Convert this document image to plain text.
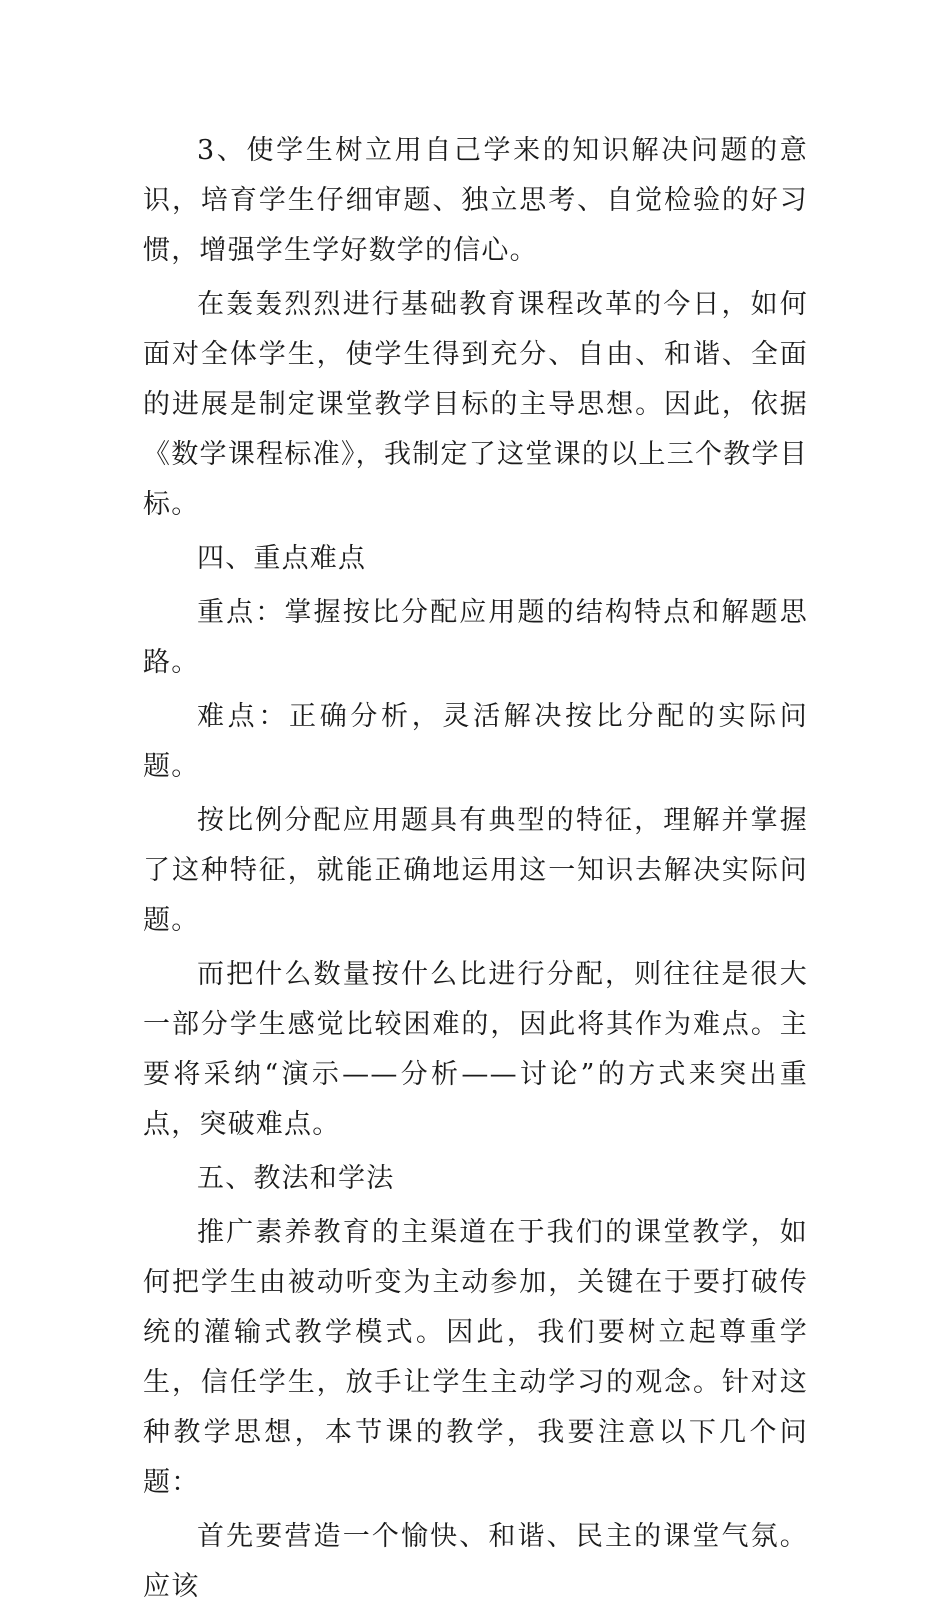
3、使学生树立用自己学来的知识解决问题的意识，培育学生仔细审题、独立思考、自觉检验的好习惯，增强学生学好数学的信心。

在轰轰烈烈进行基础教育课程改革的今日，如何面对全体学生，使学生得到充分、自由、和谐、全面的进展是制定课堂教学目标的主导思想。因此，依据《数学课程标准》，我制定了这堂课的以上三个教学目标。

四、重点难点

重点：掌握按比分配应用题的结构特点和解题思路。

难点：正确分析，灵活解决按比分配的实际问题。

按比例分配应用题具有典型的特征，理解并掌握了这种特征，就能正确地运用这一知识去解决实际问题。

而把什么数量按什么比进行分配，则往往是很大一部分学生感觉比较困难的，因此将其作为难点。主要将采纳“演示——分析——讨论”的方式来突出重点，突破难点。

五、教法和学法

推广素养教育的主渠道在于我们的课堂教学，如何把学生由被动听变为主动参加，关键在于要打破传统的灌输式教学模式。因此，我们要树立起尊重学生，信任学生，放手让学生主动学习的观念。针对这种教学思想，本节课的教学，我要注意以下几个问题：

首先要营造一个愉快、和谐、民主的课堂气氛。应该
